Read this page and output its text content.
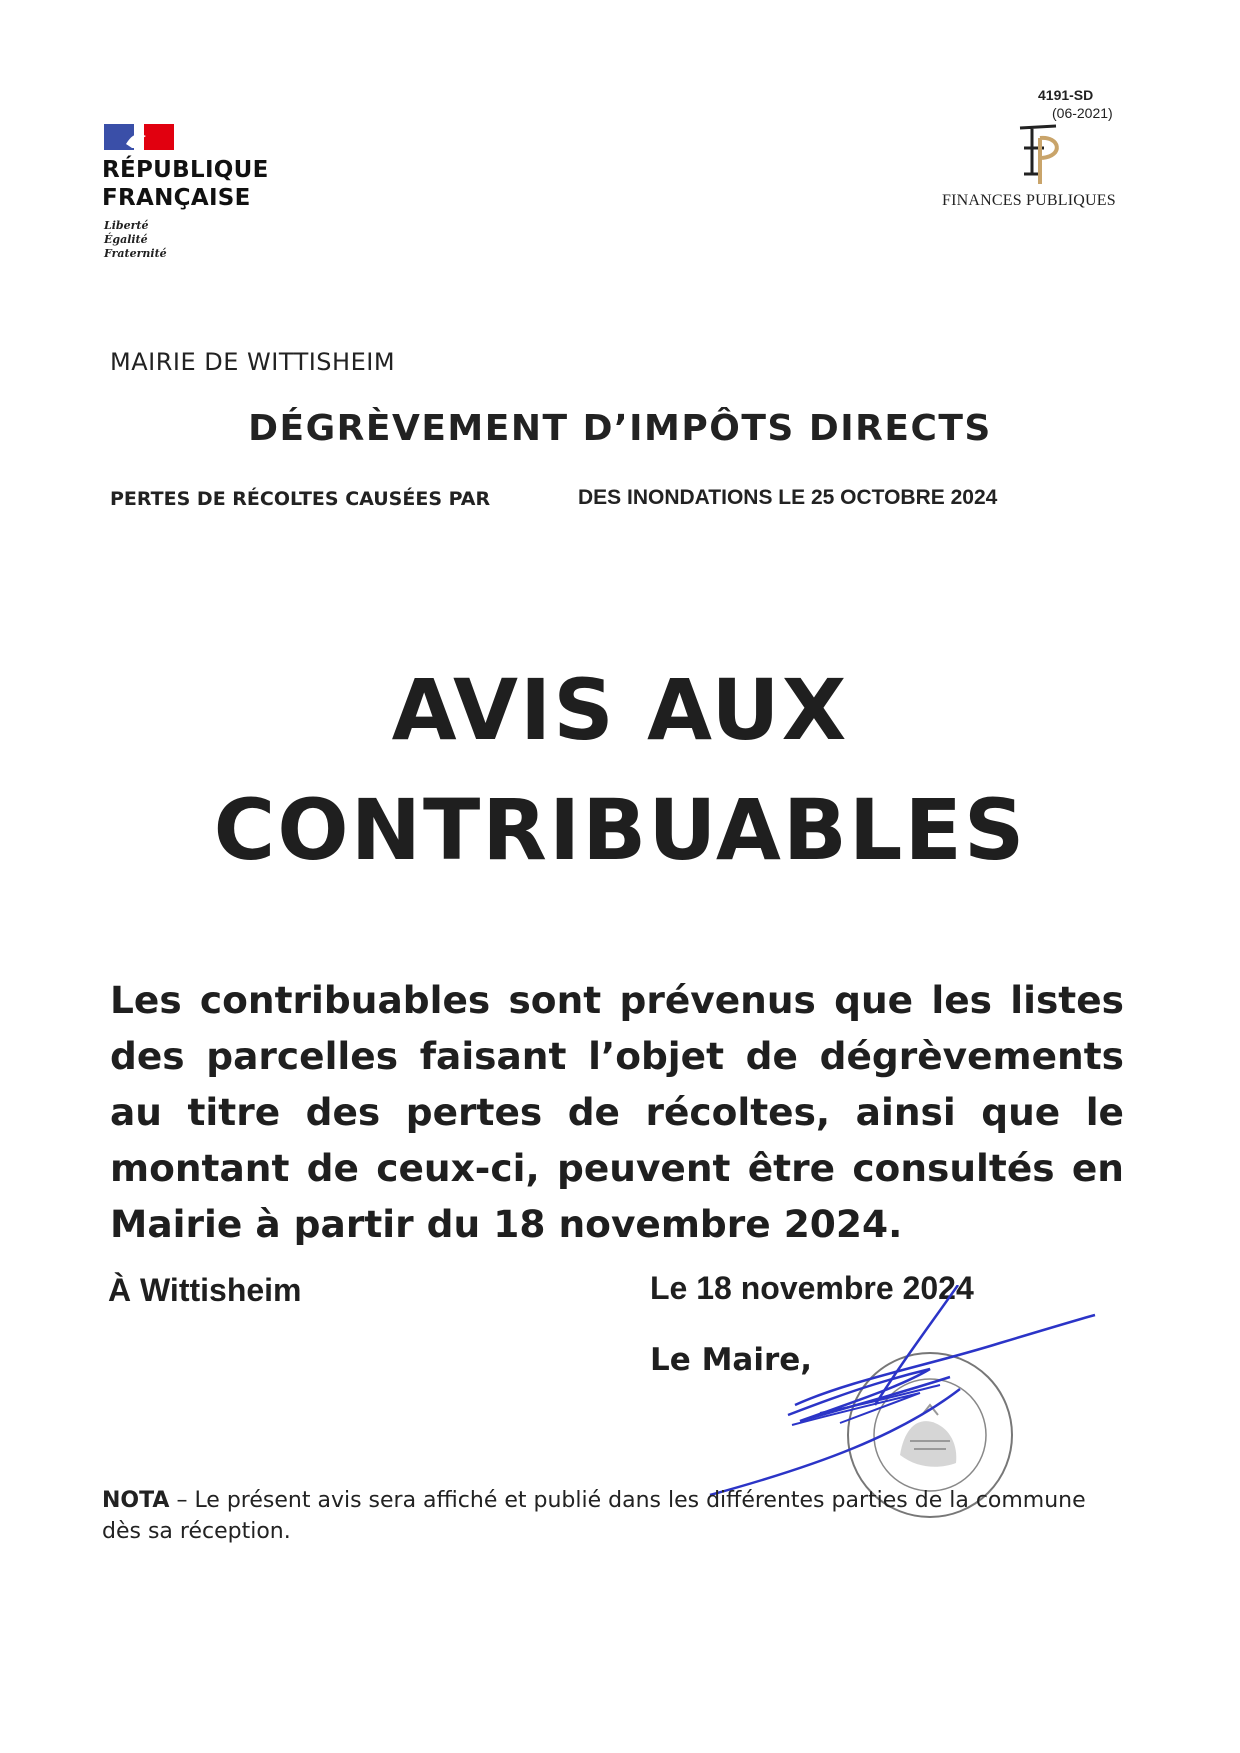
RÉPUBLIQUE
FRANÇAISE
Liberté
Égalité
Fraternité
4191-SD
(06-2021)
FINANCES PUBLIQUES
MAIRIE DE WITTISHEIM
DÉGRÈVEMENT D’IMPÔTS DIRECTS
PERTES DE RÉCOLTES CAUSÉES PAR	DES INONDATIONS LE 25 OCTOBRE 2024
AVIS AUX
CONTRIBUABLES
Les contribuables sont prévenus que les listes des parcelles faisant l’objet de dégrèvements au titre des pertes de récoltes, ainsi que le montant de ceux-ci, peuvent être consultés en Mairie à partir du 18 novembre 2024.
À Wittisheim	Le 18 novembre 2024
Le Maire,
NOTA – Le présent avis sera affiché et publié dans les différentes parties de la commune dès sa réception.
